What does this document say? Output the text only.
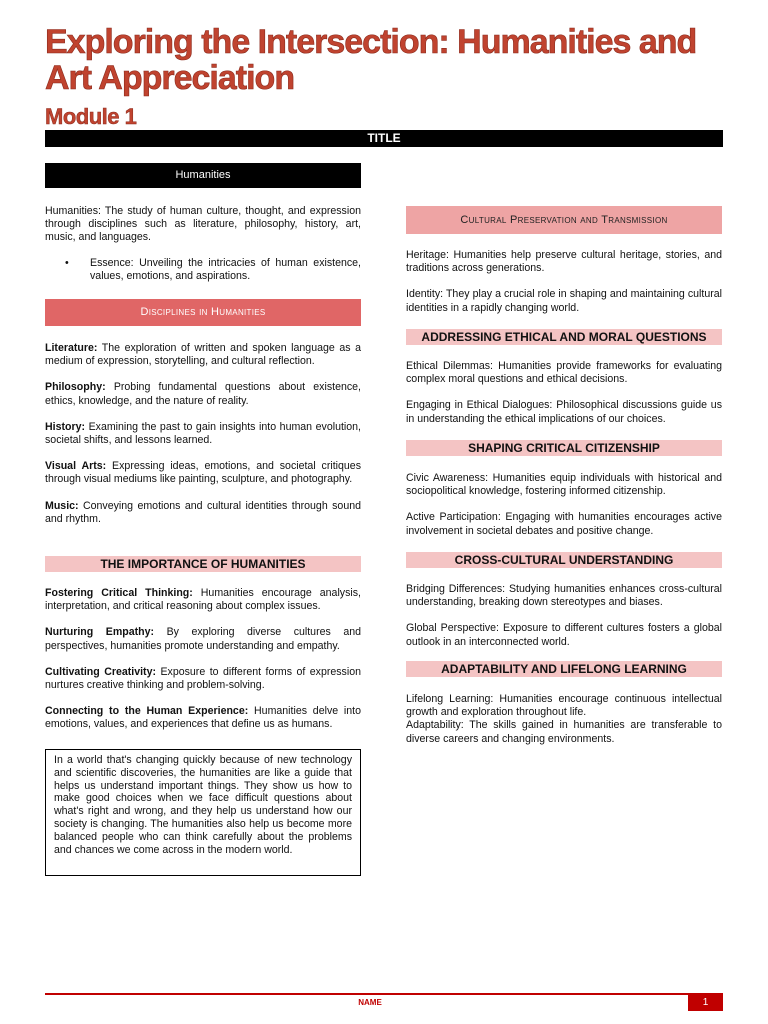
Exploring the Intersection: Humanities and Art Appreciation
Module 1
TITLE
Humanities

Humanities: The study of human culture, thought, and expression through disciplines such as literature, philosophy, history, art, music, and languages.

• Essence: Unveiling the intricacies of human existence, values, emotions, and aspirations.
Disciplines in Humanities

Literature: The exploration of written and spoken language as a medium of expression, storytelling, and cultural reflection.

Philosophy: Probing fundamental questions about existence, ethics, knowledge, and the nature of reality.

History: Examining the past to gain insights into human evolution, societal shifts, and lessons learned.

Visual Arts: Expressing ideas, emotions, and societal critiques through visual mediums like painting, sculpture, and photography.

Music: Conveying emotions and cultural identities through sound and rhythm.

THE IMPORTANCE OF HUMANITIES

Fostering Critical Thinking: Humanities encourage analysis, interpretation, and critical reasoning about complex issues.

Nurturing Empathy: By exploring diverse cultures and perspectives, humanities promote understanding and empathy.

Cultivating Creativity: Exposure to different forms of expression nurtures creative thinking and problem-solving.

Connecting to the Human Experience: Humanities delve into emotions, values, and experiences that define us as humans.

In a world that's changing quickly because of new technology and scientific discoveries, the humanities are like a guide that helps us understand important things. They show us how to make good choices when we face difficult questions about what's right and wrong, and they help us understand how our society is changing. The humanities also help us become more balanced people who can think carefully about the problems and chances we come across in the modern world.

Cultural Preservation and Transmission

Heritage: Humanities help preserve cultural heritage, stories, and traditions across generations.

Identity: They play a crucial role in shaping and maintaining cultural identities in a rapidly changing world.

ADDRESSING ETHICAL AND MORAL QUESTIONS

Ethical Dilemmas: Humanities provide frameworks for evaluating complex moral questions and ethical decisions.

Engaging in Ethical Dialogues: Philosophical discussions guide us in understanding the ethical implications of our choices.

SHAPING CRITICAL CITIZENSHIP

Civic Awareness: Humanities equip individuals with historical and sociopolitical knowledge, fostering informed citizenship.

Active Participation: Engaging with humanities encourages active involvement in societal debates and positive change.

CROSS-CULTURAL UNDERSTANDING

Bridging Differences: Studying humanities enhances cross-cultural understanding, breaking down stereotypes and biases.

Global Perspective: Exposure to different cultures fosters a global outlook in an interconnected world.

ADAPTABILITY AND LIFELONG LEARNING

Lifelong Learning: Humanities encourage continuous intellectual growth and exploration throughout life.

Adaptability: The skills gained in humanities are transferable to diverse careers and changing environments.

NAME	1
